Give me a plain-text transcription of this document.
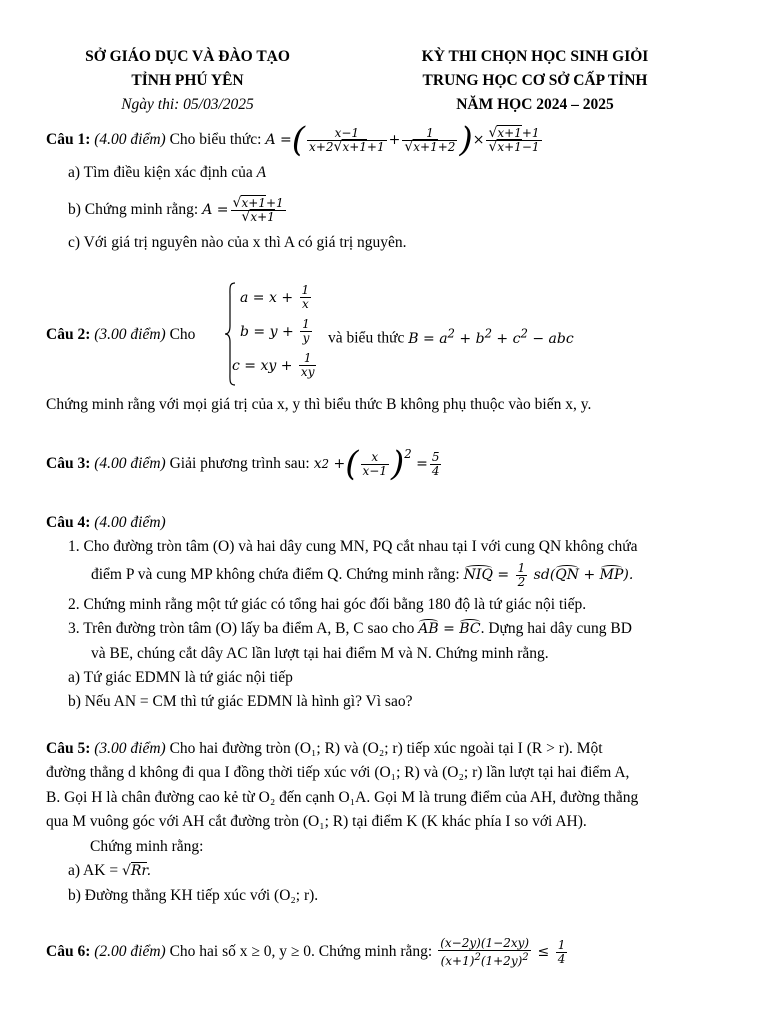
SỞ GIÁO DỤC VÀ ĐÀO TẠO
TỈNH PHÚ YÊN
Ngày thi: 05/03/2025
KỲ THI CHỌN HỌC SINH GIỎI
TRUNG HỌC CƠ SỞ CẤP TỈNH
NĂM HỌC 2024 – 2025
Câu 1:
(4.00 điểm)
Cho biểu thức: A = ( $\frac{x-1}{x+2√x+1+1} + \frac{1}{√x+1+2}$ ) × $\frac{√x+1+1}{√x+1-1}$
a) Tìm điều kiện xác định của A
b) Chứng minh rằng: $A = \frac{√x+1+1}{√x+1}$
c) Với giá trị nguyên nào của x thì A có giá trị nguyên.
Câu 2: (3.00 điểm) Cho
$a = x + \frac{1}{x}$
$b = y + \frac{1}{y}$
c = xy + $\frac{1}{xy}$
và biểu thức $B = a^2 + b^2 + c^2$ − abc
Chứng minh rằng với mọi giá trị của x, y thì biểu thức B không phụ thuộc vào biến x, y.
Câu 3:
(4.00 điểm)
Giải phương trình sau: x 2 + ( $\frac{x}{x-1} )^2$
= $\frac{5}{4}$
Câu 4: (4.00 điểm)
1. Cho đường tròn tâm (O) và hai dây cung MN, PQ cắt nhau tại I với cung QN không chứa
điểm P và cung MP không chứa điểm Q. Chứng minh rằng: NIQ = $\frac{1}{2} sd$( QN + MP ).
2. Chứng minh rằng một tứ giác có tổng hai góc đối bằng 180 độ là tứ giác nội tiếp.
3. Trên đường tròn tâm (O) lấy ba điểm A, B, C sao cho AB = BC. Dựng hai dây cung BD
và BE, chúng cắt dây AC lần lượt tại hai điểm M và N. Chứng minh rằng.
a) Tứ giác EDMN là tứ giác nội tiếp
b) Nếu AN = CM thì tứ giác EDMN là hình gì? Vì sao?
Câu 5: (3.00 điểm) Cho hai đường tròn (O₁; R) và (O₂; r) tiếp xúc ngoài tại I (R > r). Một
đường thẳng d không đi qua I đồng thời tiếp xúc với (O₁; R) và (O₂; r) lần lượt tại hai điểm A,
B. Gọi H là chân đường cao kẻ từ O₂ đến cạnh O₁A. Gọi M là trung điểm của AH, đường thẳng
qua M vuông góc với AH cắt đường tròn (O₁; R) tại điểm K (K khác phía I so với AH).
Chứng minh rằng:
a) AK = √Rr.
b) Đường thẳng KH tiếp xúc với (O₂; r).
Câu 6:
(2.00 điểm)
Cho hai số x ≥ 0, y ≥ 0. Chứng minh rằng: $\frac{(x-2y)(1-2xy)}{(x+1)^2(1+2y)^2} \le \frac{1}{4}$
